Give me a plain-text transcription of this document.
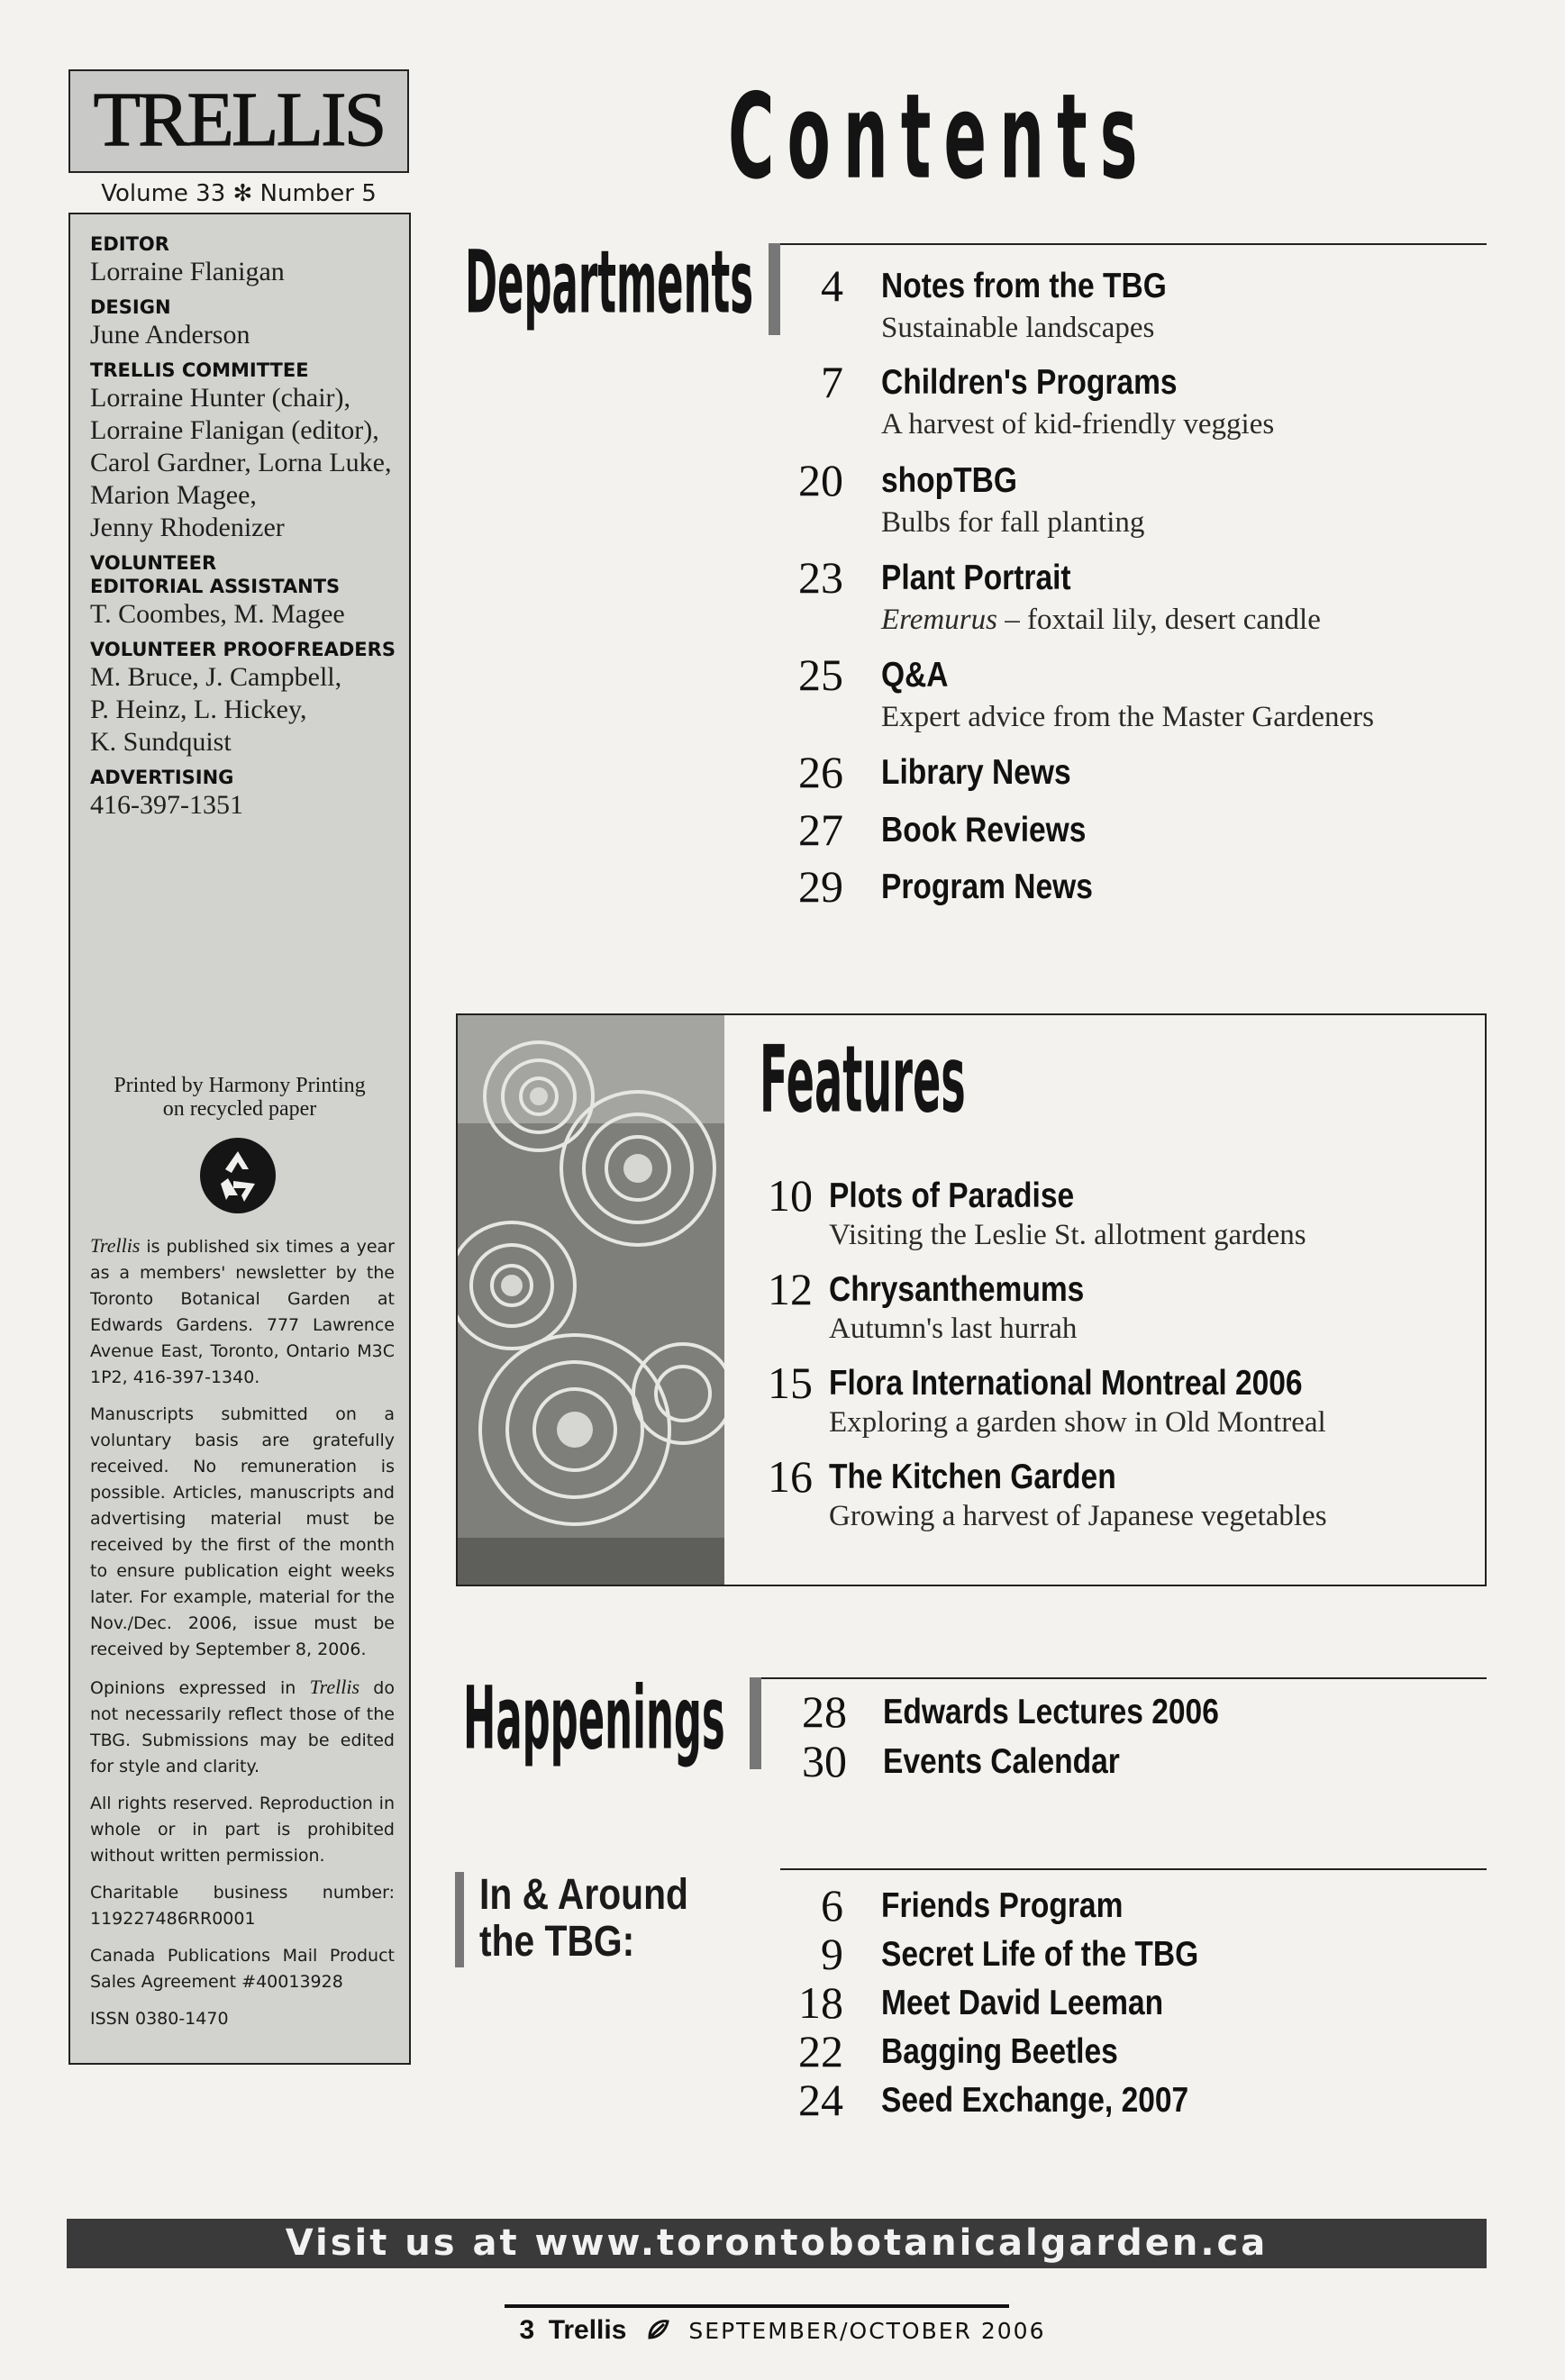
TRELLIS
Volume 33 ✻ Number 5
EDITOR
Lorraine Flanigan
DESIGN
June Anderson
TRELLIS COMMITTEE
Lorraine Hunter (chair),
Lorraine Flanigan (editor),
Carol Gardner, Lorna Luke,
Marion Magee,
Jenny Rhodenizer
VOLUNTEER
EDITORIAL ASSISTANTS
T. Coombes, M. Magee
VOLUNTEER PROOFREADERS
M. Bruce, J. Campbell,
P. Heinz, L. Hickey,
K. Sundquist
ADVERTISING
416-397-1351
Printed by Harmony Printing
on recycled paper
Trellis is published six times a year as a members' newsletter by the Toronto Botanical Garden at Edwards Gardens. 777 Lawrence Avenue East, Toronto, Ontario M3C 1P2, 416-397-1340.
Manuscripts submitted on a voluntary basis are gratefully received. No remuneration is possible. Articles, manuscripts and advertising material must be received by the first of the month to ensure publication eight weeks later. For example, material for the Nov./Dec. 2006, issue must be received by September 8, 2006.
Opinions expressed in Trellis do not necessarily reflect those of the TBG. Submissions may be edited for style and clarity.
All rights reserved. Reproduction in whole or in part is prohibited without written permission.
Charitable business number: 119227486RR0001
Canada Publications Mail Product Sales Agreement #40013928
ISSN 0380-1470
Contents
Departments	4 Notes from the TBG
Sustainable landscapes
7 Children's Programs
A harvest of kid-friendly veggies
20 shopTBG
Bulbs for fall planting
23 Plant Portrait
Eremurus – foxtail lily, desert candle
25 Q&A
Expert advice from the Master Gardeners
26 Library News
27 Book Reviews
29 Program News
Features
10 Plots of Paradise
Visiting the Leslie St. allotment gardens
12 Chrysanthemums
Autumn's last hurrah
15 Flora International Montreal 2006
Exploring a garden show in Old Montreal
16 The Kitchen Garden
Growing a harvest of Japanese vegetables
Happenings	28	Edwards Lectures 2006
30	Events Calendar
In & Around
the TBG:
6 Friends Program
9 Secret Life of the TBG
18 Meet David Leeman
22 Bagging Beetles
24 Seed Exchange, 2007
Visit us at www.torontobotanicalgarden.ca
3 Trellis	SEPTEMBER/OCTOBER 2006
